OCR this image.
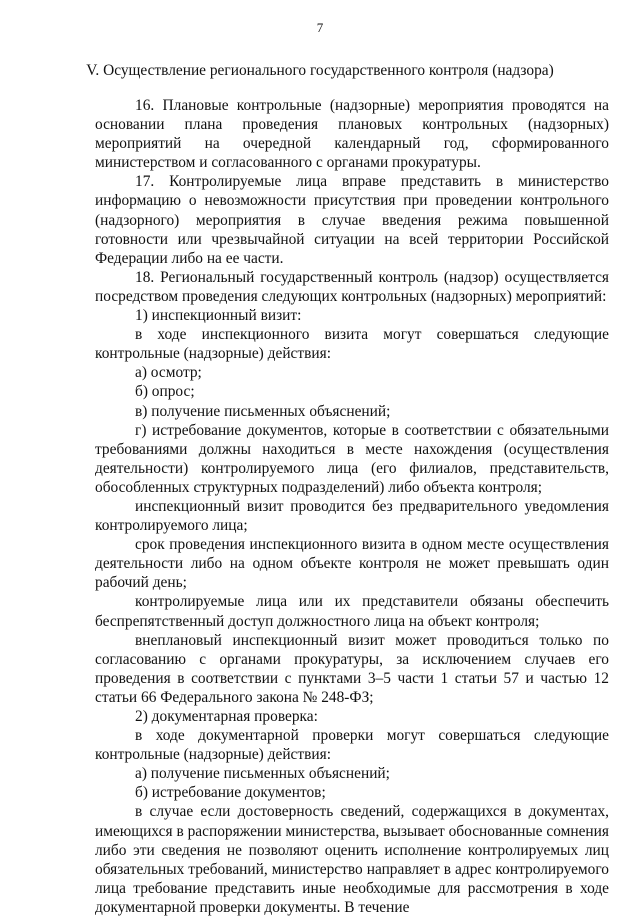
7
V. Осуществление регионального государственного контроля (надзора)

16. Плановые контрольные (надзорные) мероприятия проводятся на основании плана проведения плановых контрольных (надзорных) мероприятий на очередной календарный год, сформированного министерством и согласованного с органами прокуратуры.

17. Контролируемые лица вправе представить в министерство информацию о невозможности присутствия при проведении контрольного (надзорного) мероприятия в случае введения режима повышенной готовности или чрезвычайной ситуации на всей территории Российской Федерации либо на ее части.

18. Региональный государственный контроль (надзор) осуществляется посредством проведения следующих контрольных (надзорных) мероприятий:

1) инспекционный визит:

в ходе инспекционного визита могут совершаться следующие контрольные (надзорные) действия:

а) осмотр;

б) опрос;

в) получение письменных объяснений;

г) истребование документов, которые в соответствии с обязательными требованиями должны находиться в месте нахождения (осуществления деятельности) контролируемого лица (его филиалов, представительств, обособленных структурных подразделений) либо объекта контроля;

инспекционный визит проводится без предварительного уведомления контролируемого лица;

срок проведения инспекционного визита в одном месте осуществления деятельности либо на одном объекте контроля не может превышать один рабочий день;

контролируемые лица или их представители обязаны обеспечить беспрепятственный доступ должностного лица на объект контроля;

внеплановый инспекционный визит может проводиться только по согласованию с органами прокуратуры, за исключением случаев его проведения в соответствии с пунктами 3–5 части 1 статьи 57 и частью 12 статьи 66 Федерального закона № 248-ФЗ;

2) документарная проверка:

в ходе документарной проверки могут совершаться следующие контрольные (надзорные) действия:

а) получение письменных объяснений;

б) истребование документов;

в случае если достоверность сведений, содержащихся в документах, имеющихся в распоряжении министерства, вызывает обоснованные сомнения либо эти сведения не позволяют оценить исполнение контролируемых лиц обязательных требований, министерство направляет в адрес контролируемого лица требование представить иные необходимые для рассмотрения в ходе документарной проверки документы. В течение
